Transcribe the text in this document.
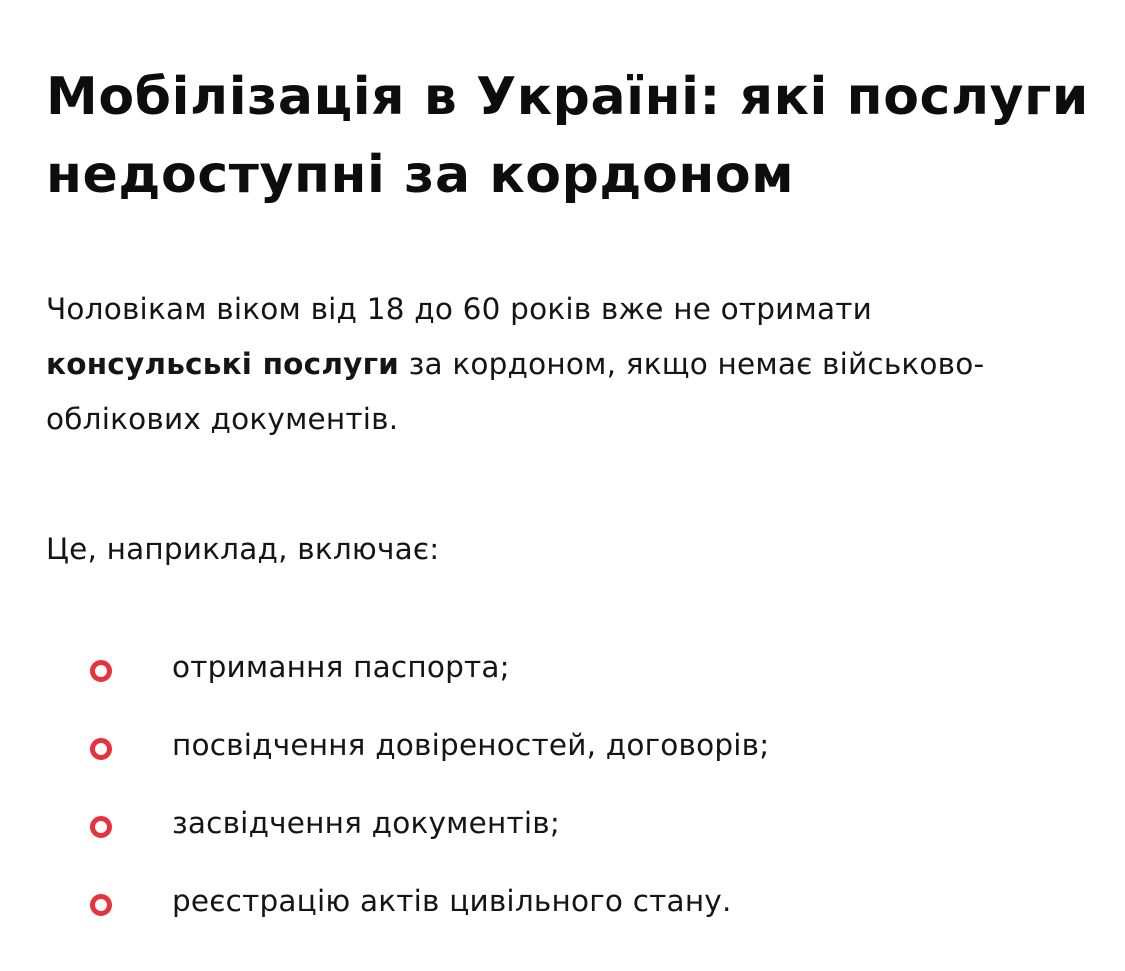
Мобілізація в Україні: які послуги недоступні за кордоном

Чоловікам віком від 18 до 60 років вже не отримати консульські послуги за кордоном, якщо немає військово-облікових документів.

Це, наприклад, включає:

отримання паспорта;
посвідчення довіреностей, договорів;
засвідчення документів;
реєстрацію актів цивільного стану.
